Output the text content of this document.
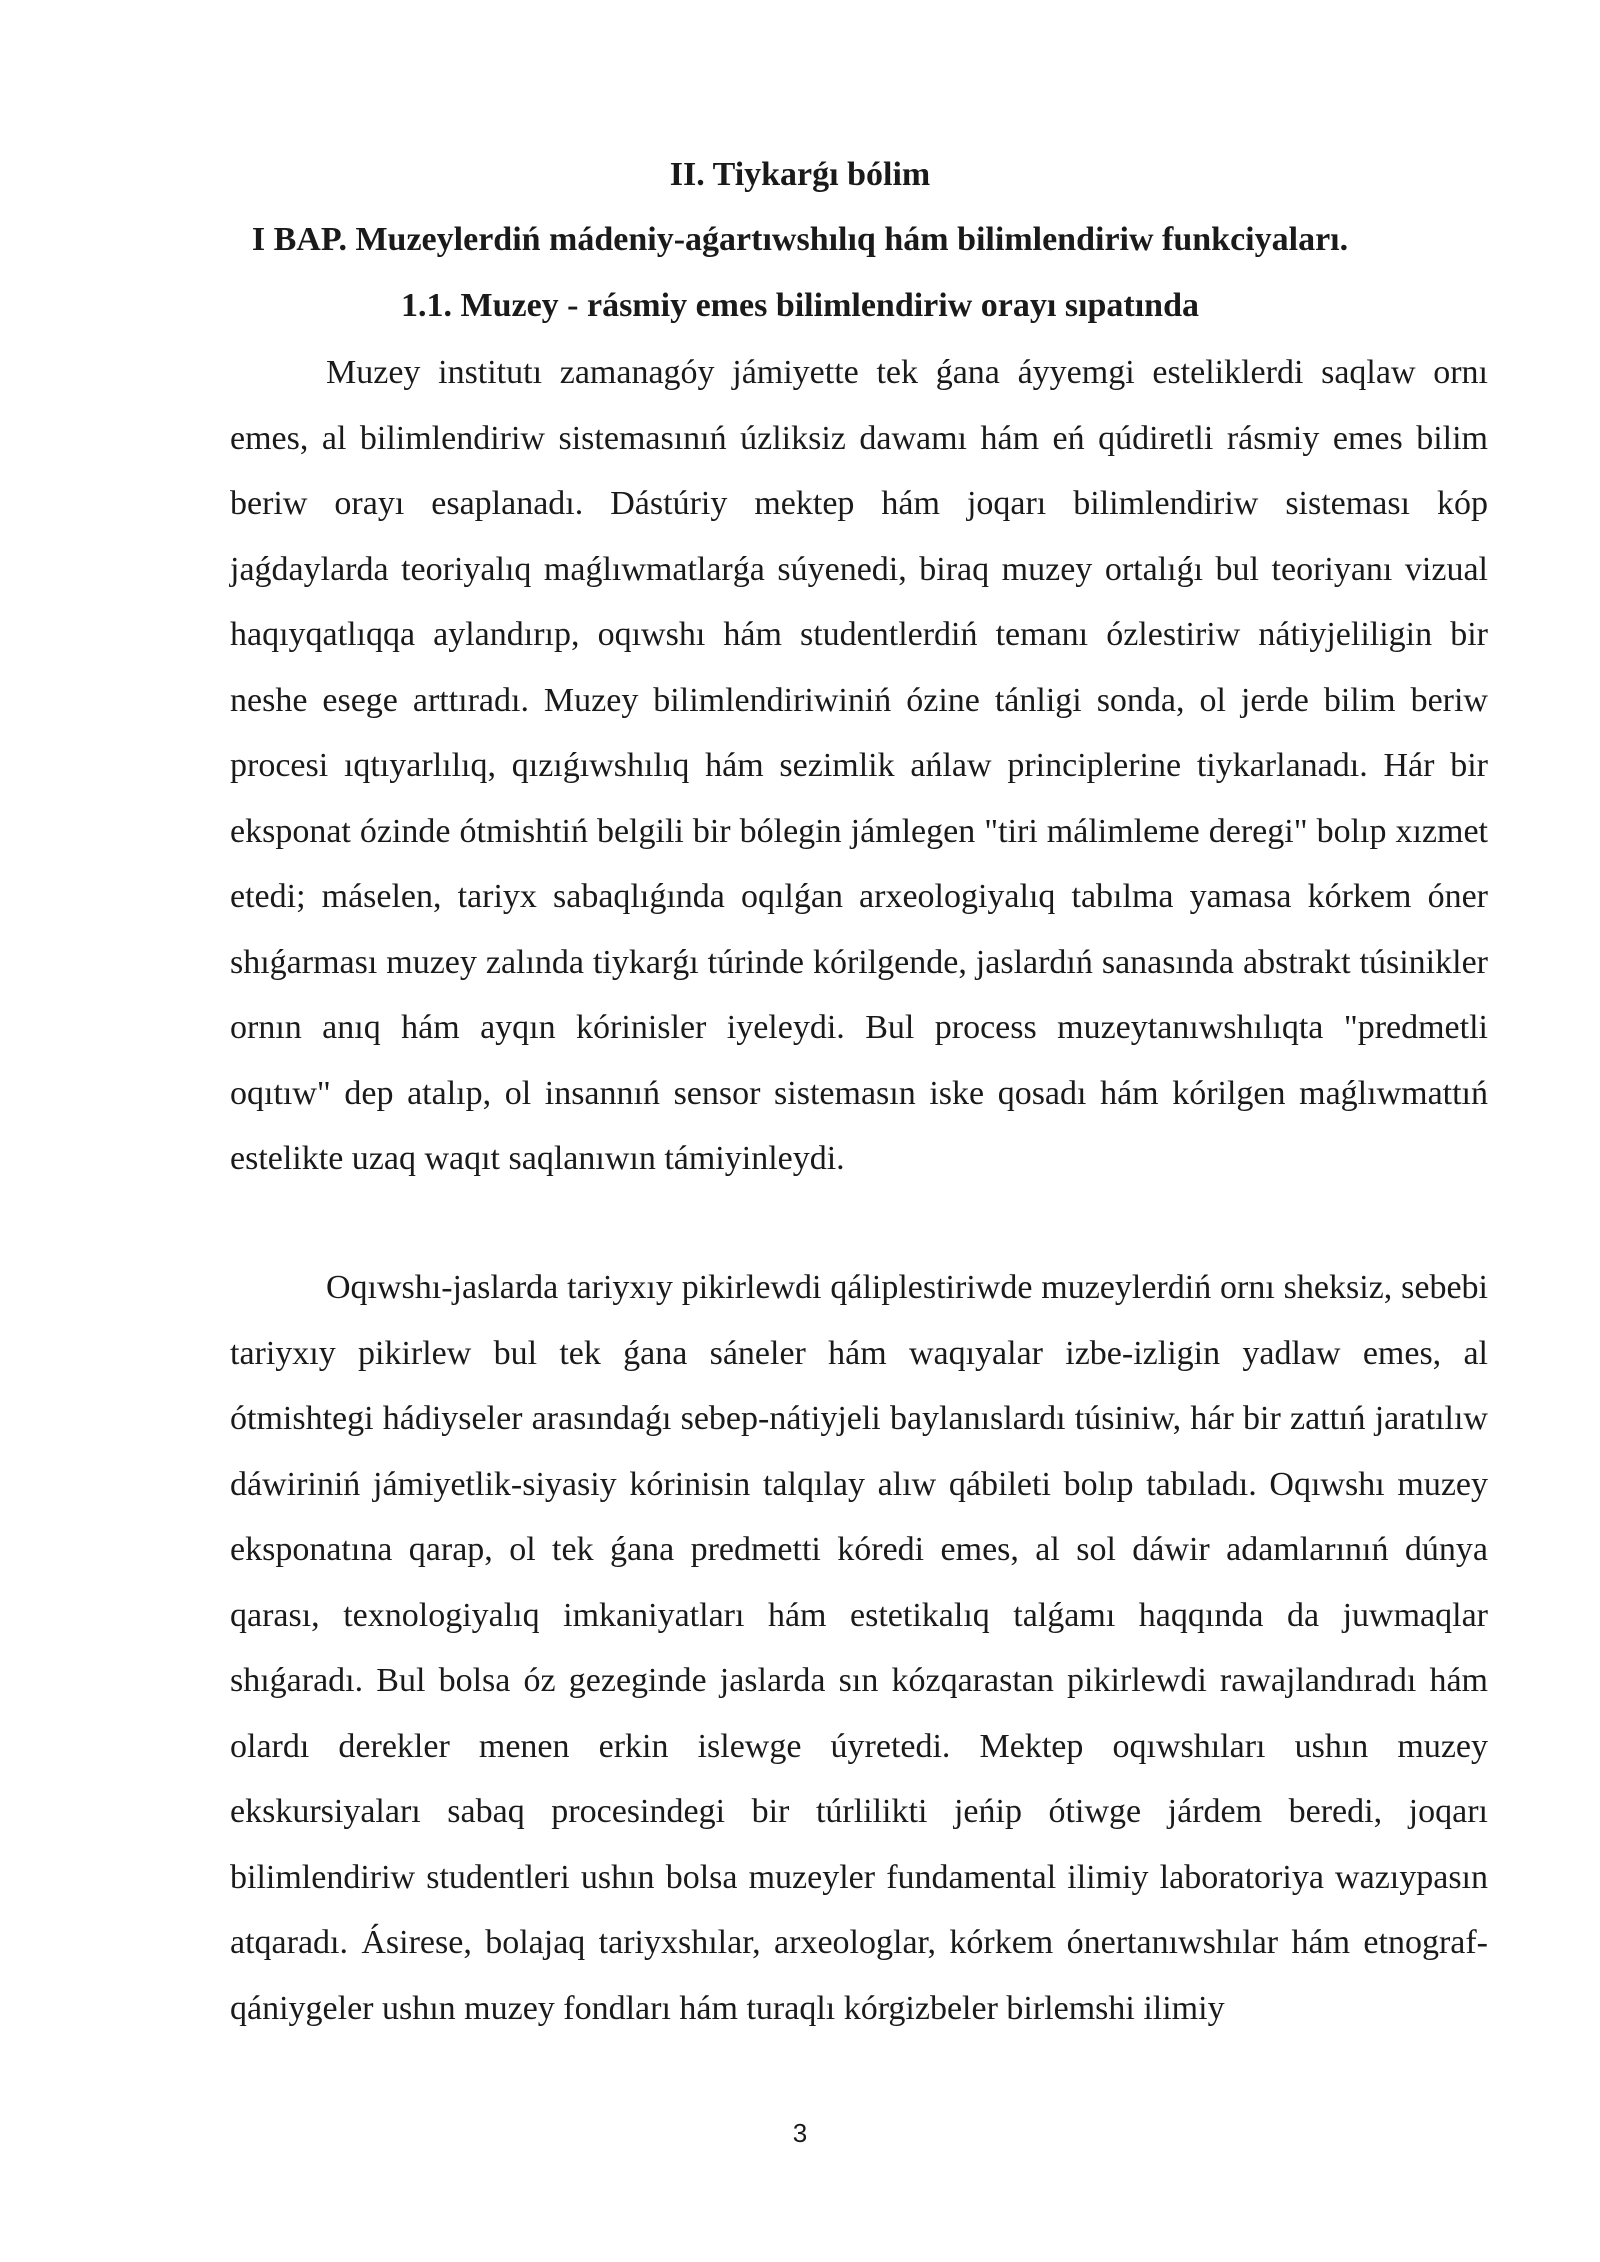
II. Tiykarǵı bólim
I BAP. Muzeylerdiń mádeniy-aǵartıwshılıq hám bilimlendiriw funkciyaları.
1.1. Muzey - rásmiy emes bilimlendiriw orayı sıpatında

Muzey institutı zamanagóy jámiyette tek ǵana áyyemgi esteliklerdi saqlaw ornı emes, al bilimlendiriw sistemasınıń úzliksiz dawamı hám eń qúdiretli rásmiy emes bilim beriw orayı esaplanadı. Dástúriy mektep hám joqarı bilimlendiriw sisteması kóp jaǵdaylarda teoriyalıq maǵlıwmatlarǵa súyenedi, biraq muzey ortalıǵı bul teoriyanı vizual haqıyqatlıqqa aylandırıp, oqıwshı hám studentlerdiń temanı ózlestiriw nátiyjeliligin bir neshe esege arttıradı. Muzey bilimlendiriwiniń ózine tánligi sonda, ol jerde bilim beriw procesi ıqtıyarlılıq, qızıǵıwshılıq hám sezimlik ańlaw principlerine tiykarlanadı. Hár bir eksponat ózinde ótmishtiń belgili bir bólegin jámlegen "tiri málimleme deregi" bolıp xızmet etedi; máselen, tariyx sabaqlıǵında oqılǵan arxeologiyalıq tabılma yamasa kórkem óner shıǵarması muzey zalında tiykarǵı túrinde kórilgende, jaslardıń sanasında abstrakt túsinikler ornın anıq hám ayqın kórinisler iyeleydi. Bul process muzeytanıwshılıqta "predmetli oqıtıw" dep atalıp, ol insannıń sensor sistemasın iske qosadı hám kórilgen maǵlıwmattıń estelikte uzaq waqıt saqlanıwın támiyinleydi.

Oqıwshı-jaslarda tariyxıy pikirlewdi qáliplestiriwde muzeylerdiń ornı sheksiz, sebebi tariyxıy pikirlew bul tek ǵana sáneler hám waqıyalar izbe-izligin yadlaw emes, al ótmishtegi hádiyseler arasındaǵı sebep-nátiyjeli baylanıslardı túsiniw, hár bir zattıń jaratılıw dáwiriniń jámiyetlik-siyasiy kórinisin talqılay alıw qábileti bolıp tabıladı. Oqıwshı muzey eksponatına qarap, ol tek ǵana predmetti kóredi emes, al sol dáwir adamlarınıń dúnya qarası, texnologiyalıq imkaniyatları hám estetikalıq talǵamı haqqında da juwmaqlar shıǵaradı. Bul bolsa óz gezeginde jaslarda sın kózqarastan pikirlewdi rawajlandıradı hám olardı derekler menen erkin islewge úyretedi. Mektep oqıwshıları ushın muzey ekskursiyaları sabaq procesindegi bir túrlilikti jeńip ótiwge járdem beredi, joqarı bilimlendiriw studentleri ushın bolsa muzeyler fundamental ilimiy laboratoriya wazıypasın atqaradı. Ásirese, bolajaq tariyxshılar, arxeologlar, kórkem ónertanıwshılar hám etnograf-qániygeler ushın muzey fondları hám turaqlı kórgizbeler birlemshi ilimiy

3
